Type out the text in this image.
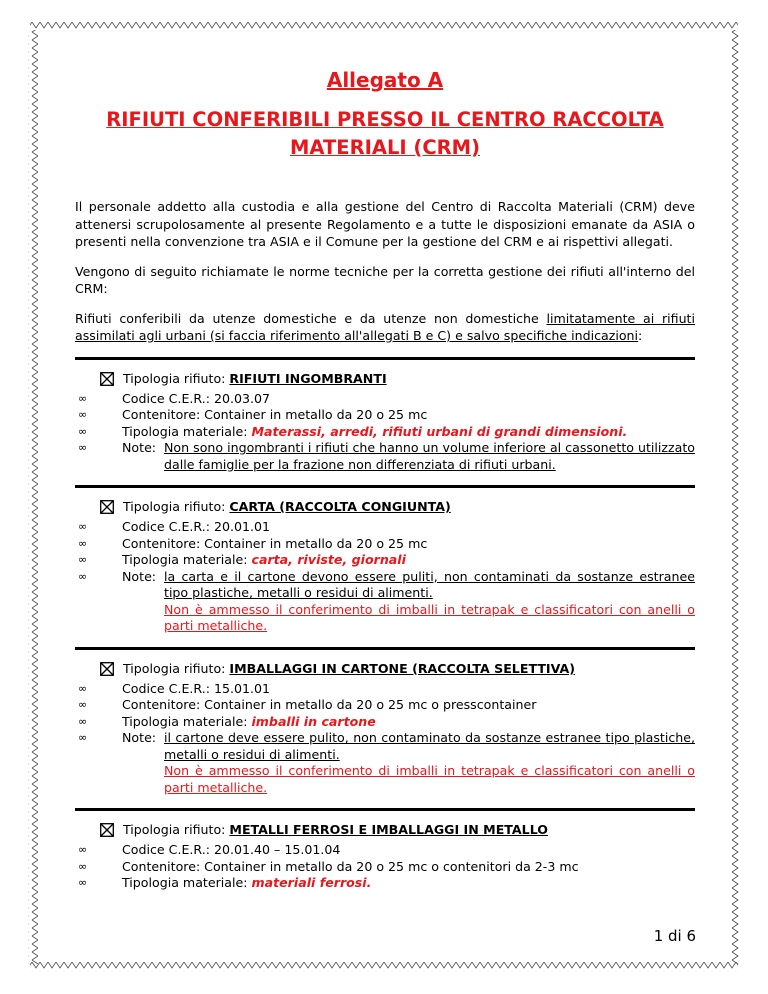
Allegato A
RIFIUTI CONFERIBILI PRESSO IL CENTRO RACCOLTA MATERIALI (CRM)

Il personale addetto alla custodia e alla gestione del Centro di Raccolta Materiali (CRM) deve attenersi scrupolosamente al presente Regolamento e a tutte le disposizioni emanate da ASIA o presenti nella convenzione tra ASIA e il Comune per la gestione del CRM e ai rispettivi allegati.

Vengono di seguito richiamate le norme tecniche per la corretta gestione dei rifiuti all'interno del CRM:

Rifiuti conferibili da utenze domestiche e da utenze non domestiche limitatamente ai rifiuti assimilati agli urbani (si faccia riferimento all'allegati B e C) e salvo specifiche indicazioni:

Tipologia rifiuto: RIFIUTI INGOMBRANTI
∞	Codice C.E.R.: 20.03.07
∞	Contenitore: Container in metallo da 20 o 25 mc
∞	Tipologia materiale: Materassi, arredi, rifiuti urbani di grandi dimensioni.
∞	Note: Non sono ingombranti i rifiuti che hanno un volume inferiore al cassonetto utilizzato dalle famiglie per la frazione non differenziata di rifiuti urbani.
Tipologia rifiuto: CARTA (RACCOLTA CONGIUNTA)
∞	Codice C.E.R.: 20.01.01
∞	Contenitore: Container in metallo da 20 o 25 mc
∞	Tipologia materiale: carta, riviste, giornali
∞	Note: la carta e il cartone devono essere puliti, non contaminati da sostanze estranee tipo plastiche, metalli o residui di alimenti.
Non è ammesso il conferimento di imballi in tetrapak e classificatori con anelli o parti metalliche.
Tipologia rifiuto: IMBALLAGGI IN CARTONE (RACCOLTA SELETTIVA)
∞	Codice C.E.R.: 15.01.01
∞	Contenitore: Container in metallo da 20 o 25 mc o presscontainer
∞	Tipologia materiale: imballi in cartone
∞	Note: il cartone deve essere pulito, non contaminato da sostanze estranee tipo plastiche, metalli o residui di alimenti.
Non è ammesso il conferimento di imballi in tetrapak e classificatori con anelli o parti metalliche.
Tipologia rifiuto: METALLI FERROSI E IMBALLAGGI IN METALLO
∞	Codice C.E.R.: 20.01.40 – 15.01.04
∞	Contenitore: Container in metallo da 20 o 25 mc o contenitori da 2-3 mc
∞	Tipologia materiale: materiali ferrosi.
1 di 6
